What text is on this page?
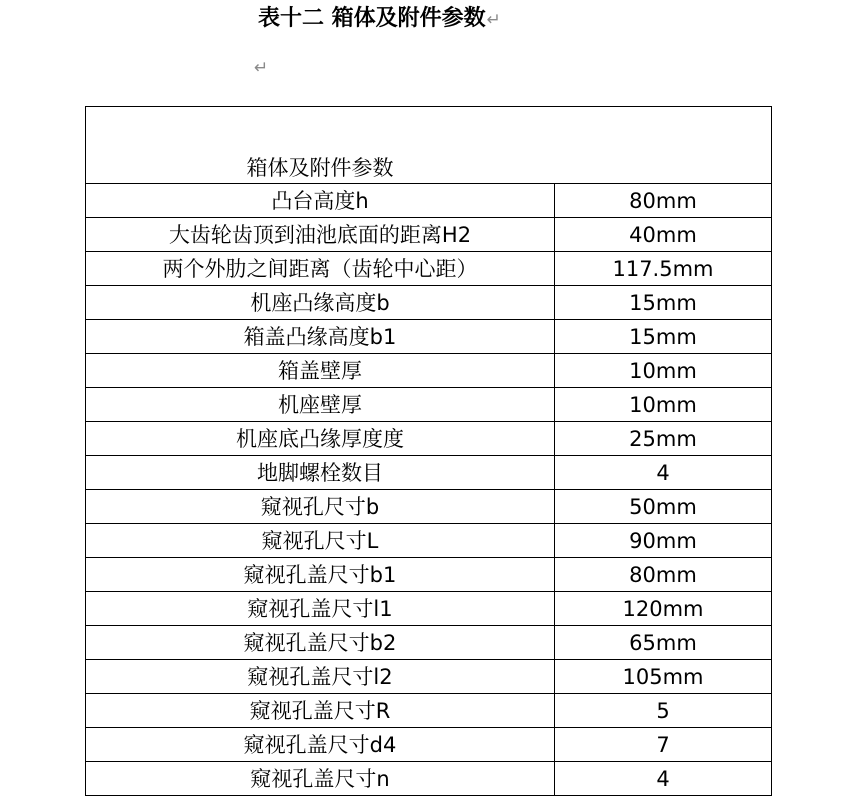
表十二 箱体及附件参数↵
↵
箱体及附件参数	
凸台高度h	80mm
大齿轮齿顶到油池底面的距离H2	40mm
两个外肋之间距离（齿轮中心距）	117.5mm
机座凸缘高度b	15mm
箱盖凸缘高度b1	15mm
箱盖壁厚	10mm
机座壁厚	10mm
机座底凸缘厚度度	25mm
地脚螺栓数目	4
窥视孔尺寸b	50mm
窥视孔尺寸L	90mm
窥视孔盖尺寸b1	80mm
窥视孔盖尺寸l1	120mm
窥视孔盖尺寸b2	65mm
窥视孔盖尺寸l2	105mm
窥视孔盖尺寸R	5
窥视孔盖尺寸d4	7
窥视孔盖尺寸n	4
